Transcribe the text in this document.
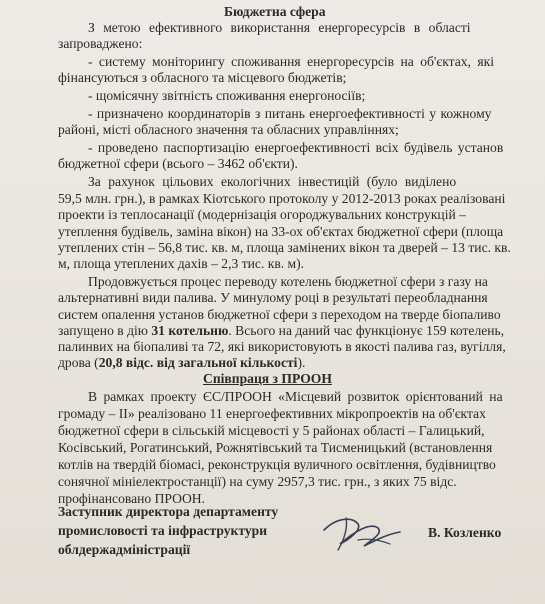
Бюджетна сфера
З метою ефективного використання енергоресурсів в області
запроваджено:
- систему моніторингу споживання енергоресурсів на об'єктах, які
фінансуються з обласного та місцевого бюджетів;
- щомісячну звітність споживання енергоносіїв;
- призначено координаторів з питань енергоефективності у кожному
районі, місті обласного значення та обласних управліннях;
- проведено паспортизацію енергоефективності всіх будівель установ
бюджетної сфери (всього – 3462 об'єкти).
За рахунок цільових екологічних інвестицій (було виділено
59,5 млн. грн.), в рамках Кіотського протоколу у 2012-2013 роках реалізовані
проекти із теплосанації (модернізація огороджувальних конструкцій –
утеплення будівель, заміна вікон) на 33-ох об'єктах бюджетної сфери (площа
утеплених стін – 56,8 тис. кв. м, площа замінених вікон та дверей – 13 тис. кв.
м, площа утеплених дахів – 2,3 тис. кв. м).
Продовжується процес переводу котелень бюджетної сфери з газу на
альтернативні види палива. У минулому році в результаті переобладнання
систем опалення установ бюджетної сфери з переходом на тверде біопаливо
запущено в дію 31 котельню. Всього на даний час функціонує 159 котелень,
палинвих на біопаливі та 72, які використовують в якості палива газ, вугілля,
дрова (20,8 відс. від загальної кількості).
Співпраця з ПРООН
В рамках проекту ЄС/ПРООН «Місцевий розвиток орієнтований на
громаду – ІІ» реалізовано 11 енергоефективних мікропроектів на об'єктах
бюджетної сфери в сільській місцевості у 5 районах області – Галицький,
Косівський, Рогатинський, Рожнятівський та Тисменицький (встановлення
котлів на твердій біомасі, реконструкція вуличного освітлення, будівництво
сонячної мініелектростанції) на суму 2957,3 тис. грн., з яких 75 відс.
профінансовано ПРООН.
Заступник директора департаменту
промисловості та інфраструктури
облдержадміністрації
В. Козленко
